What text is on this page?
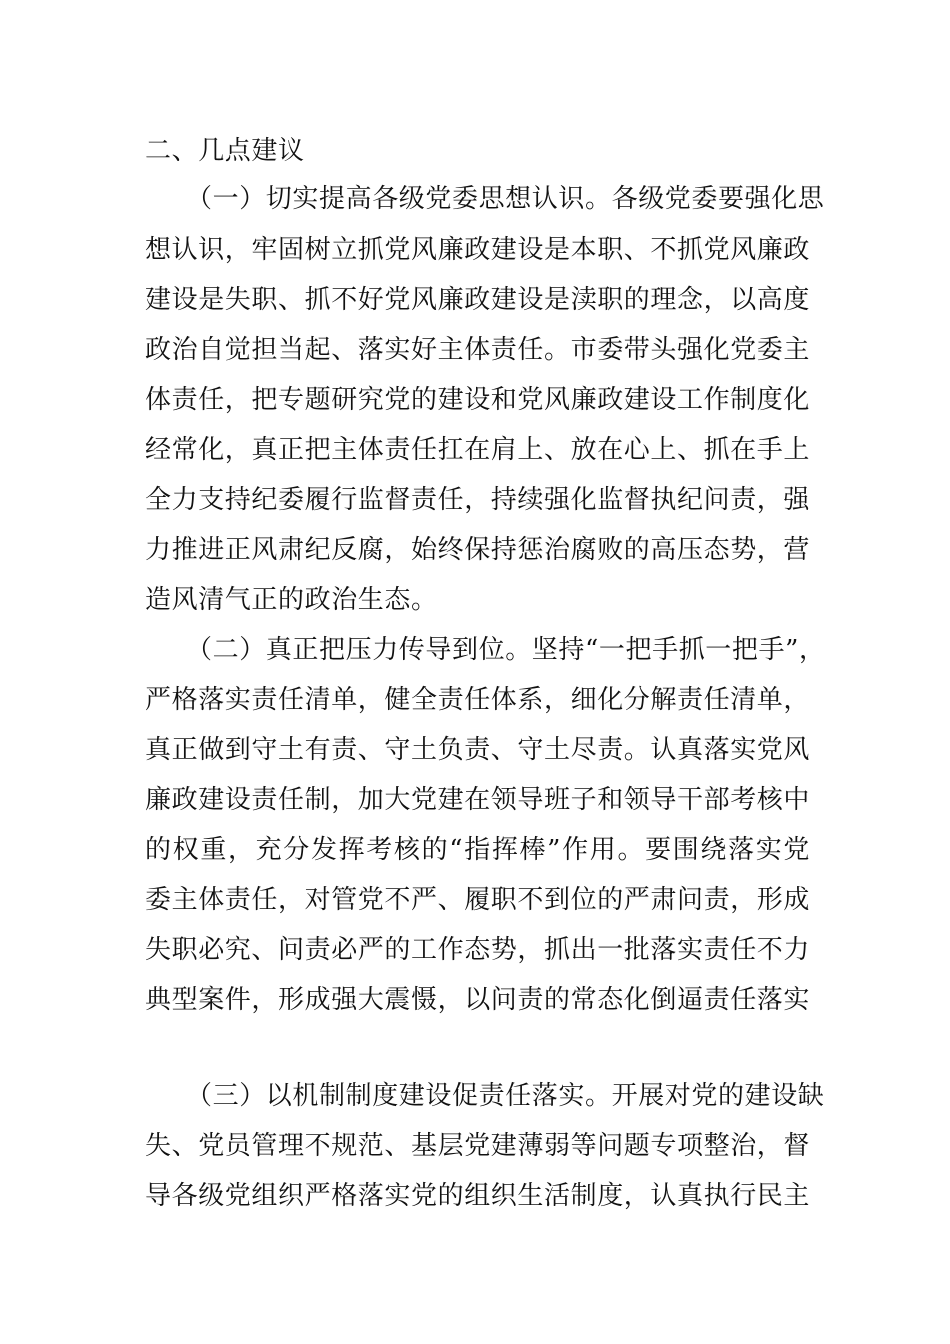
二、几点建议
（一）切实提高各级党委思想认识。各级党委要强化思
想认识，牢固树立抓党风廉政建设是本职、不抓党风廉政
建设是失职、抓不好党风廉政建设是渎职的理念，以高度
政治自觉担当起、落实好主体责任。市委带头强化党委主
体责任，把专题研究党的建设和党风廉政建设工作制度化
经常化，真正把主体责任扛在肩上、放在心上、抓在手上
全力支持纪委履行监督责任，持续强化监督执纪问责，强
力推进正风肃纪反腐，始终保持惩治腐败的高压态势，营
造风清气正的政治生态。
（二）真正把压力传导到位。坚持“一把手抓一把手”，
严格落实责任清单，健全责任体系，细化分解责任清单，
真正做到守土有责、守土负责、守土尽责。认真落实党风
廉政建设责任制，加大党建在领导班子和领导干部考核中
的权重，充分发挥考核的“指挥棒”作用。要围绕落实党
委主体责任，对管党不严、履职不到位的严肃问责，形成
失职必究、问责必严的工作态势，抓出一批落实责任不力
典型案件，形成强大震慑，以问责的常态化倒逼责任落实
（三）以机制制度建设促责任落实。开展对党的建设缺
失、党员管理不规范、基层党建薄弱等问题专项整治，督
导各级党组织严格落实党的组织生活制度，认真执行民主
